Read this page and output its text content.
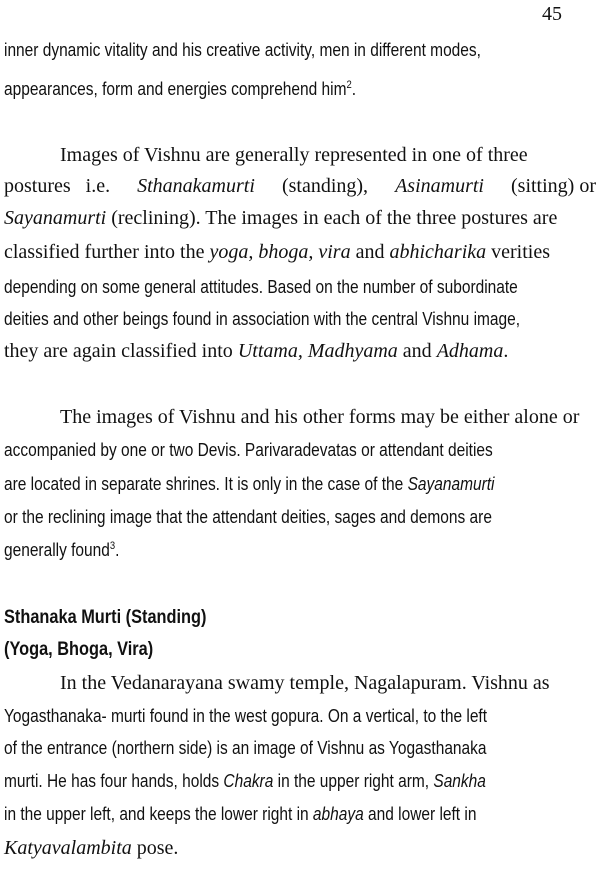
45
inner dynamic vitality and his creative activity, men in different modes,
appearances, form and energies comprehend him$^2$.
Images of Vishnu are generally represented in one of three
postures   i.e. Sthanakamurti (standing), Asinamurti (sitting) or
Sayanamurti (reclining). The images in each of the three postures are
classified further into the yoga, bhoga, vira and abhicharika verities
depending on some general attitudes. Based on the number of subordinate
deities and other beings found in association with the central Vishnu image,
they are again classified into Uttama, Madhyama and Adhama.
The images of Vishnu and his other forms may be either alone or
accompanied by one or two Devis. Parivaradevatas or attendant deities
are located in separate shrines. It is only in the case of the Sayanamurti
or the reclining image that the attendant deities, sages and demons are
generally found$^3$.
Sthanaka Murti (Standing)
(Yoga, Bhoga, Vira)
In the Vedanarayana swamy temple, Nagalapuram. Vishnu as
Yogasthanaka- murti found in the west gopura. On a vertical, to the left
of the entrance (northern side) is an image of Vishnu as Yogasthanaka
murti. He has four hands, holds Chakra in the upper right arm, Sankha
in the upper left, and keeps the lower right in abhaya and lower left in
Katyavalambita pose.
